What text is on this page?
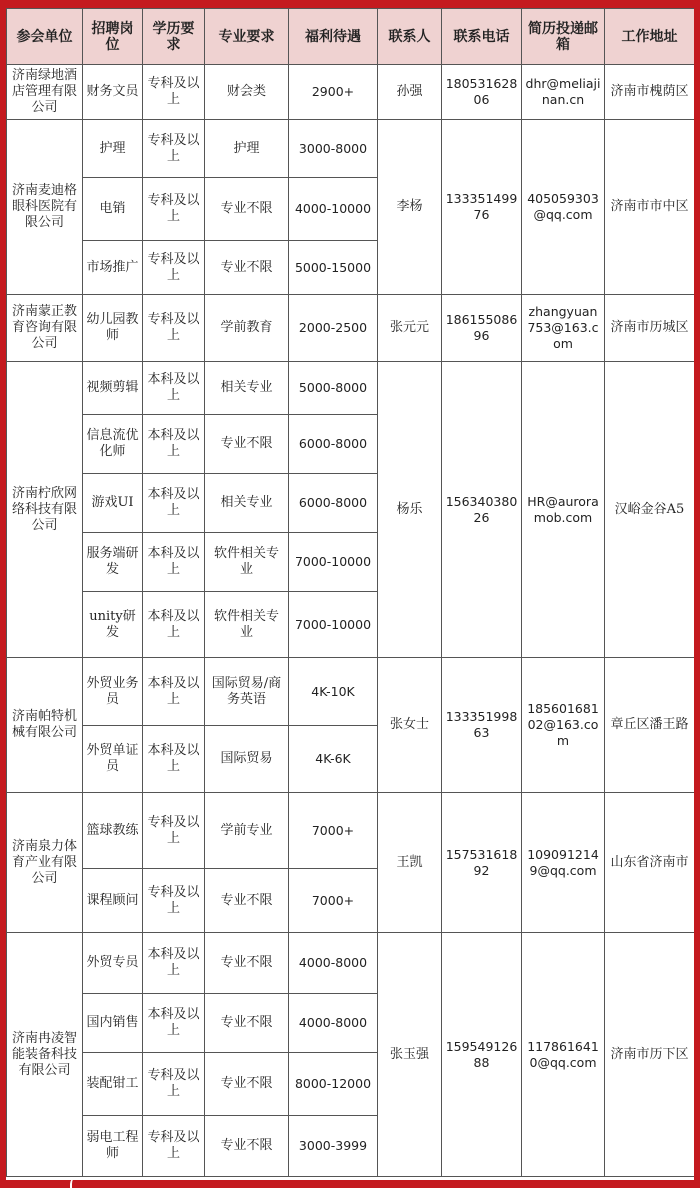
参会单位	招聘岗位	学历要求	专业要求	福利待遇	联系人	联系电话	简历投递邮箱	工作地址
济南绿地酒店管理有限公司	财务文员	专科及以上	财会类	2900+	孙强	18053162806	dhr@meliajinan.cn	济南市槐荫区
济南麦迪格眼科医院有限公司	护理	专科及以上	护理	3000-8000	李杨	13335149976	405059303@qq.com	济南市市中区
	电销	专科及以上	专业不限	4000-10000				
	市场推广	专科及以上	专业不限	5000-15000				
济南蒙正教育咨询有限公司	幼儿园教师	专科及以上	学前教育	2000-2500	张元元	18615508696	zhangyuan753@163.com	济南市历城区
济南柠欣网络科技有限公司	视频剪辑	本科及以上	相关专业	5000-8000	杨乐	15634038026	HR@auroramob.com	汉峪金谷A5
	信息流优化师	本科及以上	专业不限	6000-8000				
	游戏UI	本科及以上	相关专业	6000-8000				
	服务端研发	本科及以上	软件相关专业	7000-10000				
	unity研发	本科及以上	软件相关专业	7000-10000				
济南帕特机械有限公司	外贸业务员	本科及以上	国际贸易/商务英语	4K-10K	张女士	13335199863	18560168102@163.com	章丘区潘王路
	外贸单证员	本科及以上	国际贸易	4K-6K				
济南泉力体育产业有限公司	篮球教练	专科及以上	学前专业	7000+	王凯	15753161892	1090912149@qq.com	山东省济南市
	课程顾问	专科及以上	专业不限	7000+				
济南冉凌智能装备科技有限公司	外贸专员	本科及以上	专业不限	4000-8000	张玉强	15954912688	1178616410@qq.com	济南市历下区
	国内销售	本科及以上	专业不限	4000-8000				
	装配钳工	专科及以上	专业不限	8000-12000				
	弱电工程师	专科及以上	专业不限	3000-3999				
